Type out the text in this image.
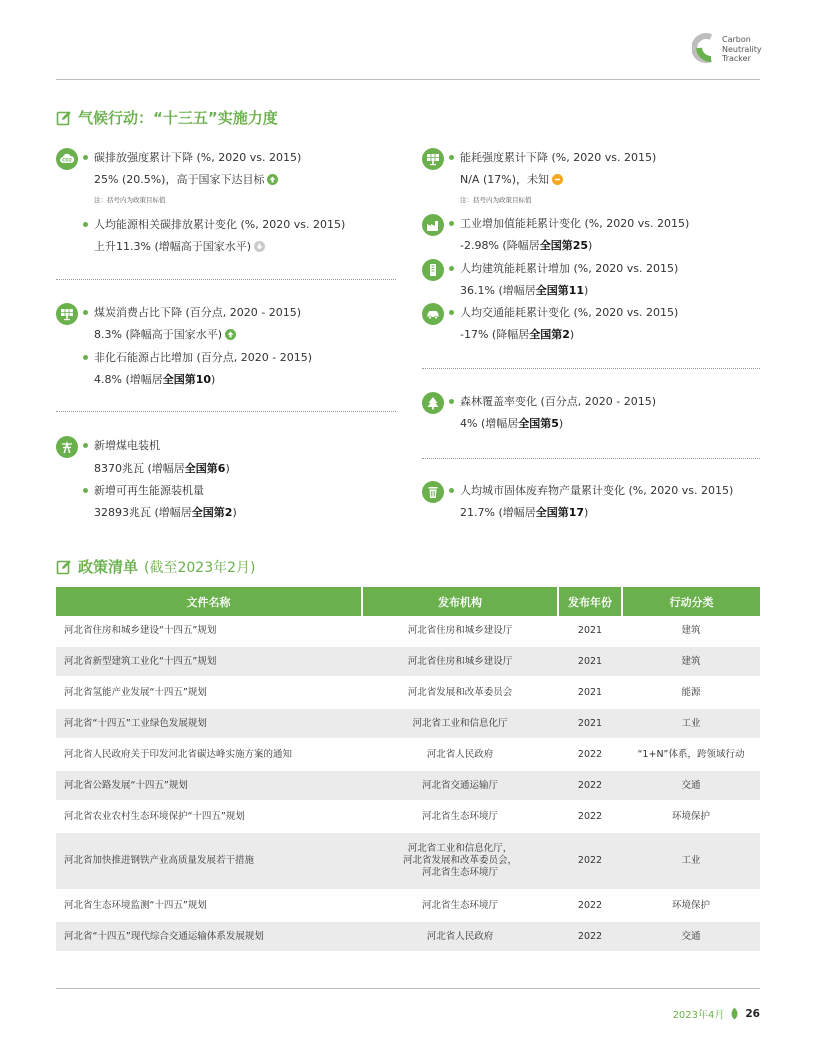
Carbon
Neutrality
Tracker
气候行动：“十三五”实施力度
CO2	碳排放强度累计下降 (%, 2020 vs. 2015)
25% (20.5%)，高于国家下达目标
注：括号内为政策目标值
人均能源相关碳排放累计变化 (%, 2020 vs. 2015)
上升11.3% (增幅高于国家水平)
煤炭消费占比下降 (百分点, 2020 - 2015)
8.3% (降幅高于国家水平)
非化石能源占比增加 (百分点, 2020 - 2015)
4.8% (增幅居全国第10)
新增煤电装机
8370兆瓦 (增幅居全国第6)
新增可再生能源装机量
32893兆瓦 (增幅居全国第2)
能耗强度累计下降 (%, 2020 vs. 2015)
N/A (17%)，未知
注：括号内为政策目标值
工业增加值能耗累计变化 (%, 2020 vs. 2015)
-2.98% (降幅居全国第25)
人均建筑能耗累计增加 (%, 2020 vs. 2015)
36.1% (增幅居全国第11)
人均交通能耗累计变化 (%, 2020 vs. 2015)
-17% (降幅居全国第2)
森林覆盖率变化 (百分点, 2020 - 2015)
4% (增幅居全国第5)
人均城市固体废弃物产量累计变化 (%, 2020 vs. 2015)
21.7% (增幅居全国第17)
政策清单 (截至2023年2月)
文件名称	发布机构	发布年份	行动分类
河北省住房和城乡建设“十四五”规划	河北省住房和城乡建设厅	2021	建筑
河北省新型建筑工业化“十四五”规划	河北省住房和城乡建设厅	2021	建筑
河北省氢能产业发展“十四五”规划	河北省发展和改革委员会	2021	能源
河北省“十四五”工业绿色发展规划	河北省工业和信息化厅	2021	工业
河北省人民政府关于印发河北省碳达峰实施方案的通知	河北省人民政府	2022	“1+N”体系，跨领域行动
河北省公路发展“十四五”规划	河北省交通运输厅	2022	交通
河北省农业农村生态环境保护“十四五”规划	河北省生态环境厅	2022	环境保护
河北省加快推进钢铁产业高质量发展若干措施	河北省工业和信息化厅，
河北省发展和改革委员会，
河北省生态环境厅	2022	工业
河北省生态环境监测“十四五”规划	河北省生态环境厅	2022	环境保护
河北省“十四五”现代综合交通运输体系发展规划	河北省人民政府	2022	交通
2023年4月 26
